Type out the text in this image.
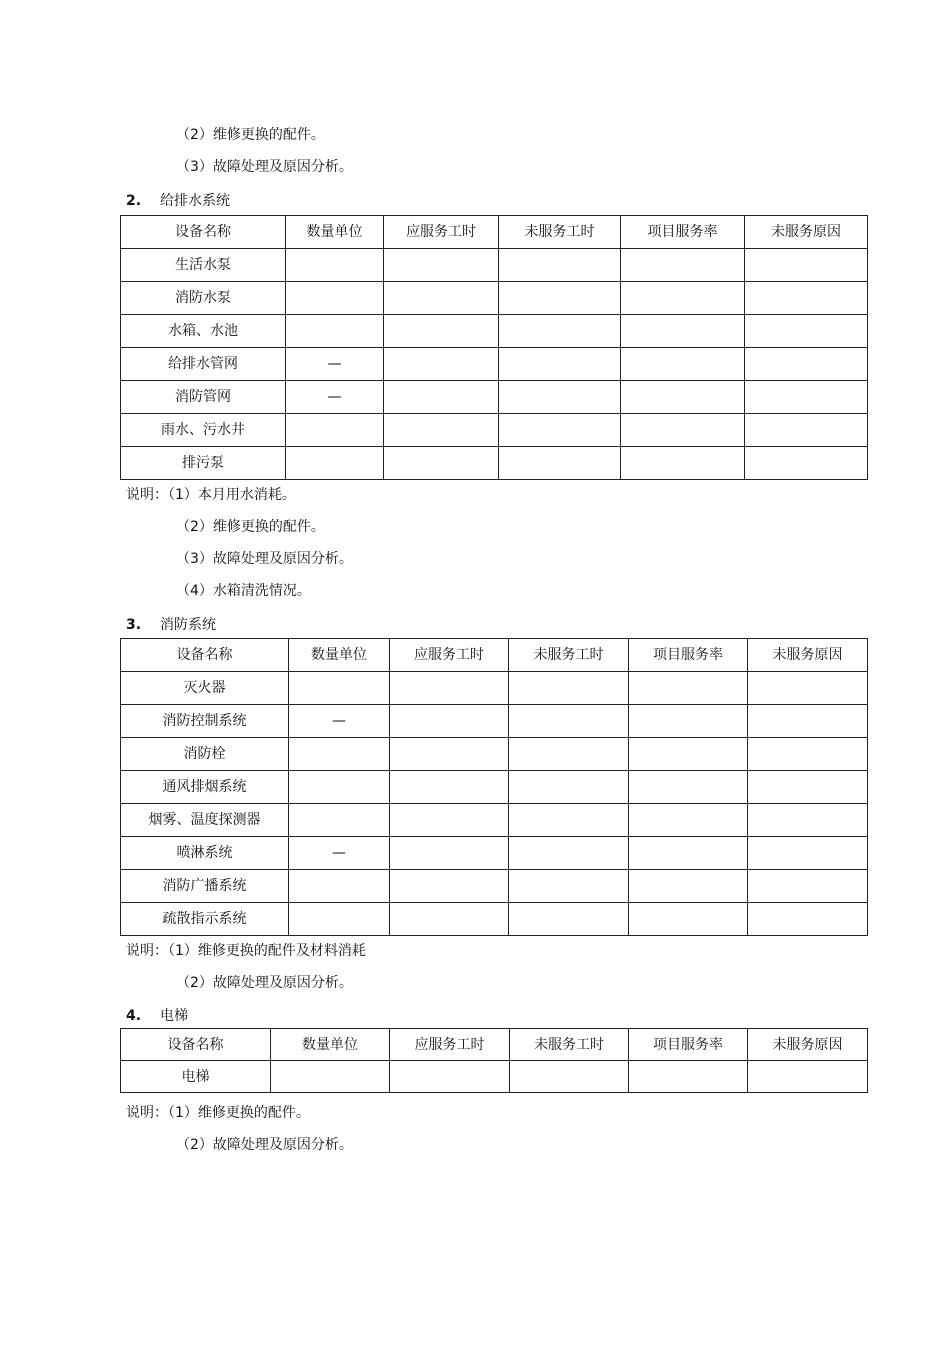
（2）维修更换的配件。
（3）故障处理及原因分析。
2. 给排水系统
设备名称	数量单位	应服务工时	未服务工时	项目服务率	未服务原因
生活水泵					
消防水泵					
水箱、水池					
给排水管网	—				
消防管网	—				
雨水、污水井					
排污泵					
说明：（1）本月用水消耗。
（2）维修更换的配件。
（3）故障处理及原因分析。
（4）水箱清洗情况。
3. 消防系统
设备名称	数量单位	应服务工时	未服务工时	项目服务率	未服务原因
灭火器					
消防控制系统	—				
消防栓					
通风排烟系统					
烟雾、温度探测器					
喷淋系统	—				
消防广播系统					
疏散指示系统					
说明：（1）维修更换的配件及材料消耗
（2）故障处理及原因分析。
4. 电梯
设备名称	数量单位	应服务工时	未服务工时	项目服务率	未服务原因
电梯					
说明：（1）维修更换的配件。
（2）故障处理及原因分析。
